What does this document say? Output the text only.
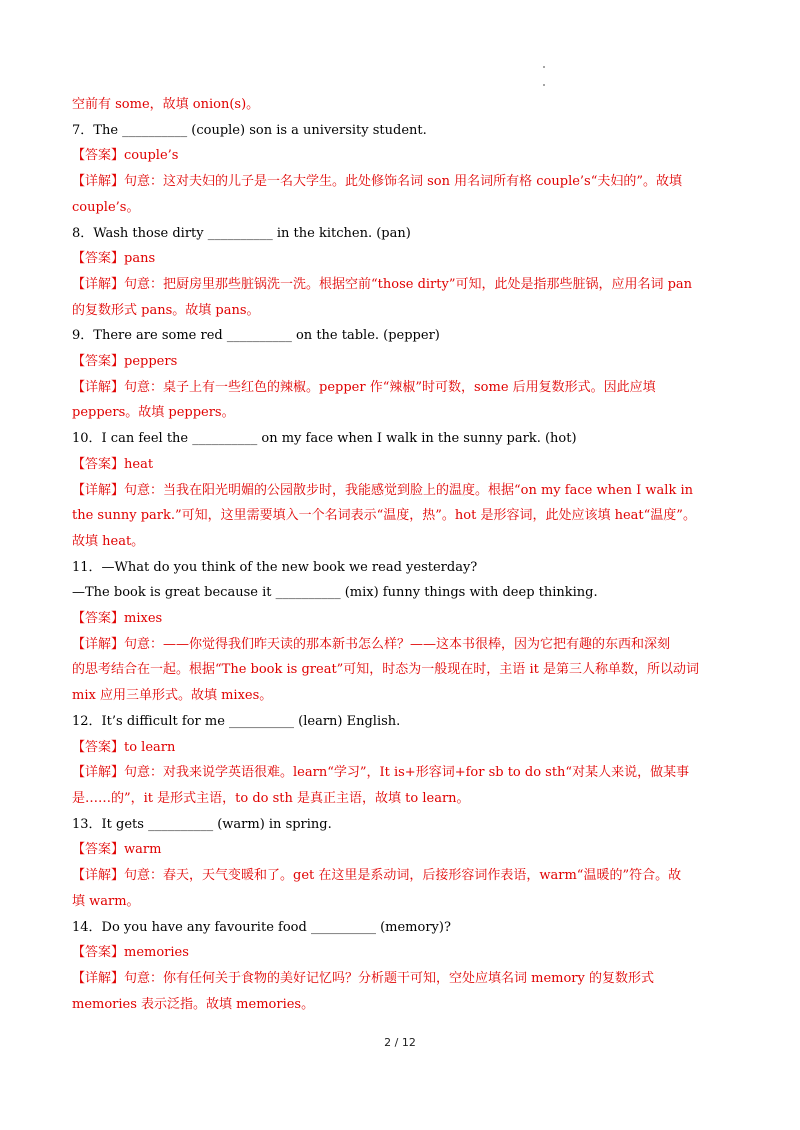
空前有 some，故填 onion(s)。

7．The __________ (couple) son is a university student.

【答案】couple’s

【详解】句意：这对夫妇的儿子是一名大学生。此处修饰名词 son 用名词所有格 couple’s“夫妇的”。故填

couple’s。

8．Wash those dirty __________ in the kitchen. (pan)

【答案】pans

【详解】句意：把厨房里那些脏锅洗一洗。根据空前“those dirty”可知，此处是指那些脏锅，应用名词 pan

的复数形式 pans。故填 pans。

9．There are some red __________ on the table. (pepper)

【答案】peppers

【详解】句意：桌子上有一些红色的辣椒。pepper 作“辣椒”时可数，some 后用复数形式。因此应填

peppers。故填 peppers。

10．I can feel the __________ on my face when I walk in the sunny park. (hot)

【答案】heat

【详解】句意：当我在阳光明媚的公园散步时，我能感觉到脸上的温度。根据“on my face when I walk in

the sunny park.”可知，这里需要填入一个名词表示“温度，热”。hot 是形容词，此处应该填 heat“温度”。

故填 heat。

11．—What do you think of the new book we read yesterday?

—The book is great because it __________ (mix) funny things with deep thinking.

【答案】mixes

【详解】句意：——你觉得我们昨天读的那本新书怎么样？——这本书很棒，因为它把有趣的东西和深刻

的思考结合在一起。根据“The book is great”可知，时态为一般现在时，主语 it 是第三人称单数，所以动词

mix 应用三单形式。故填 mixes。

12．It’s difficult for me __________ (learn) English.

【答案】to learn

【详解】句意：对我来说学英语很难。learn“学习”，It is+形容词+for sb to do sth“对某人来说，做某事

是……的”，it 是形式主语，to do sth 是真正主语，故填 to learn。

13．It gets __________ (warm) in spring.

【答案】warm

【详解】句意：春天，天气变暖和了。get 在这里是系动词，后接形容词作表语，warm“温暖的”符合。故

填 warm。

14．Do you have any favourite food __________ (memory)?

【答案】memories

【详解】句意：你有任何关于食物的美好记忆吗？分析题干可知，空处应填名词 memory 的复数形式

memories 表示泛指。故填 memories。

2 / 12
